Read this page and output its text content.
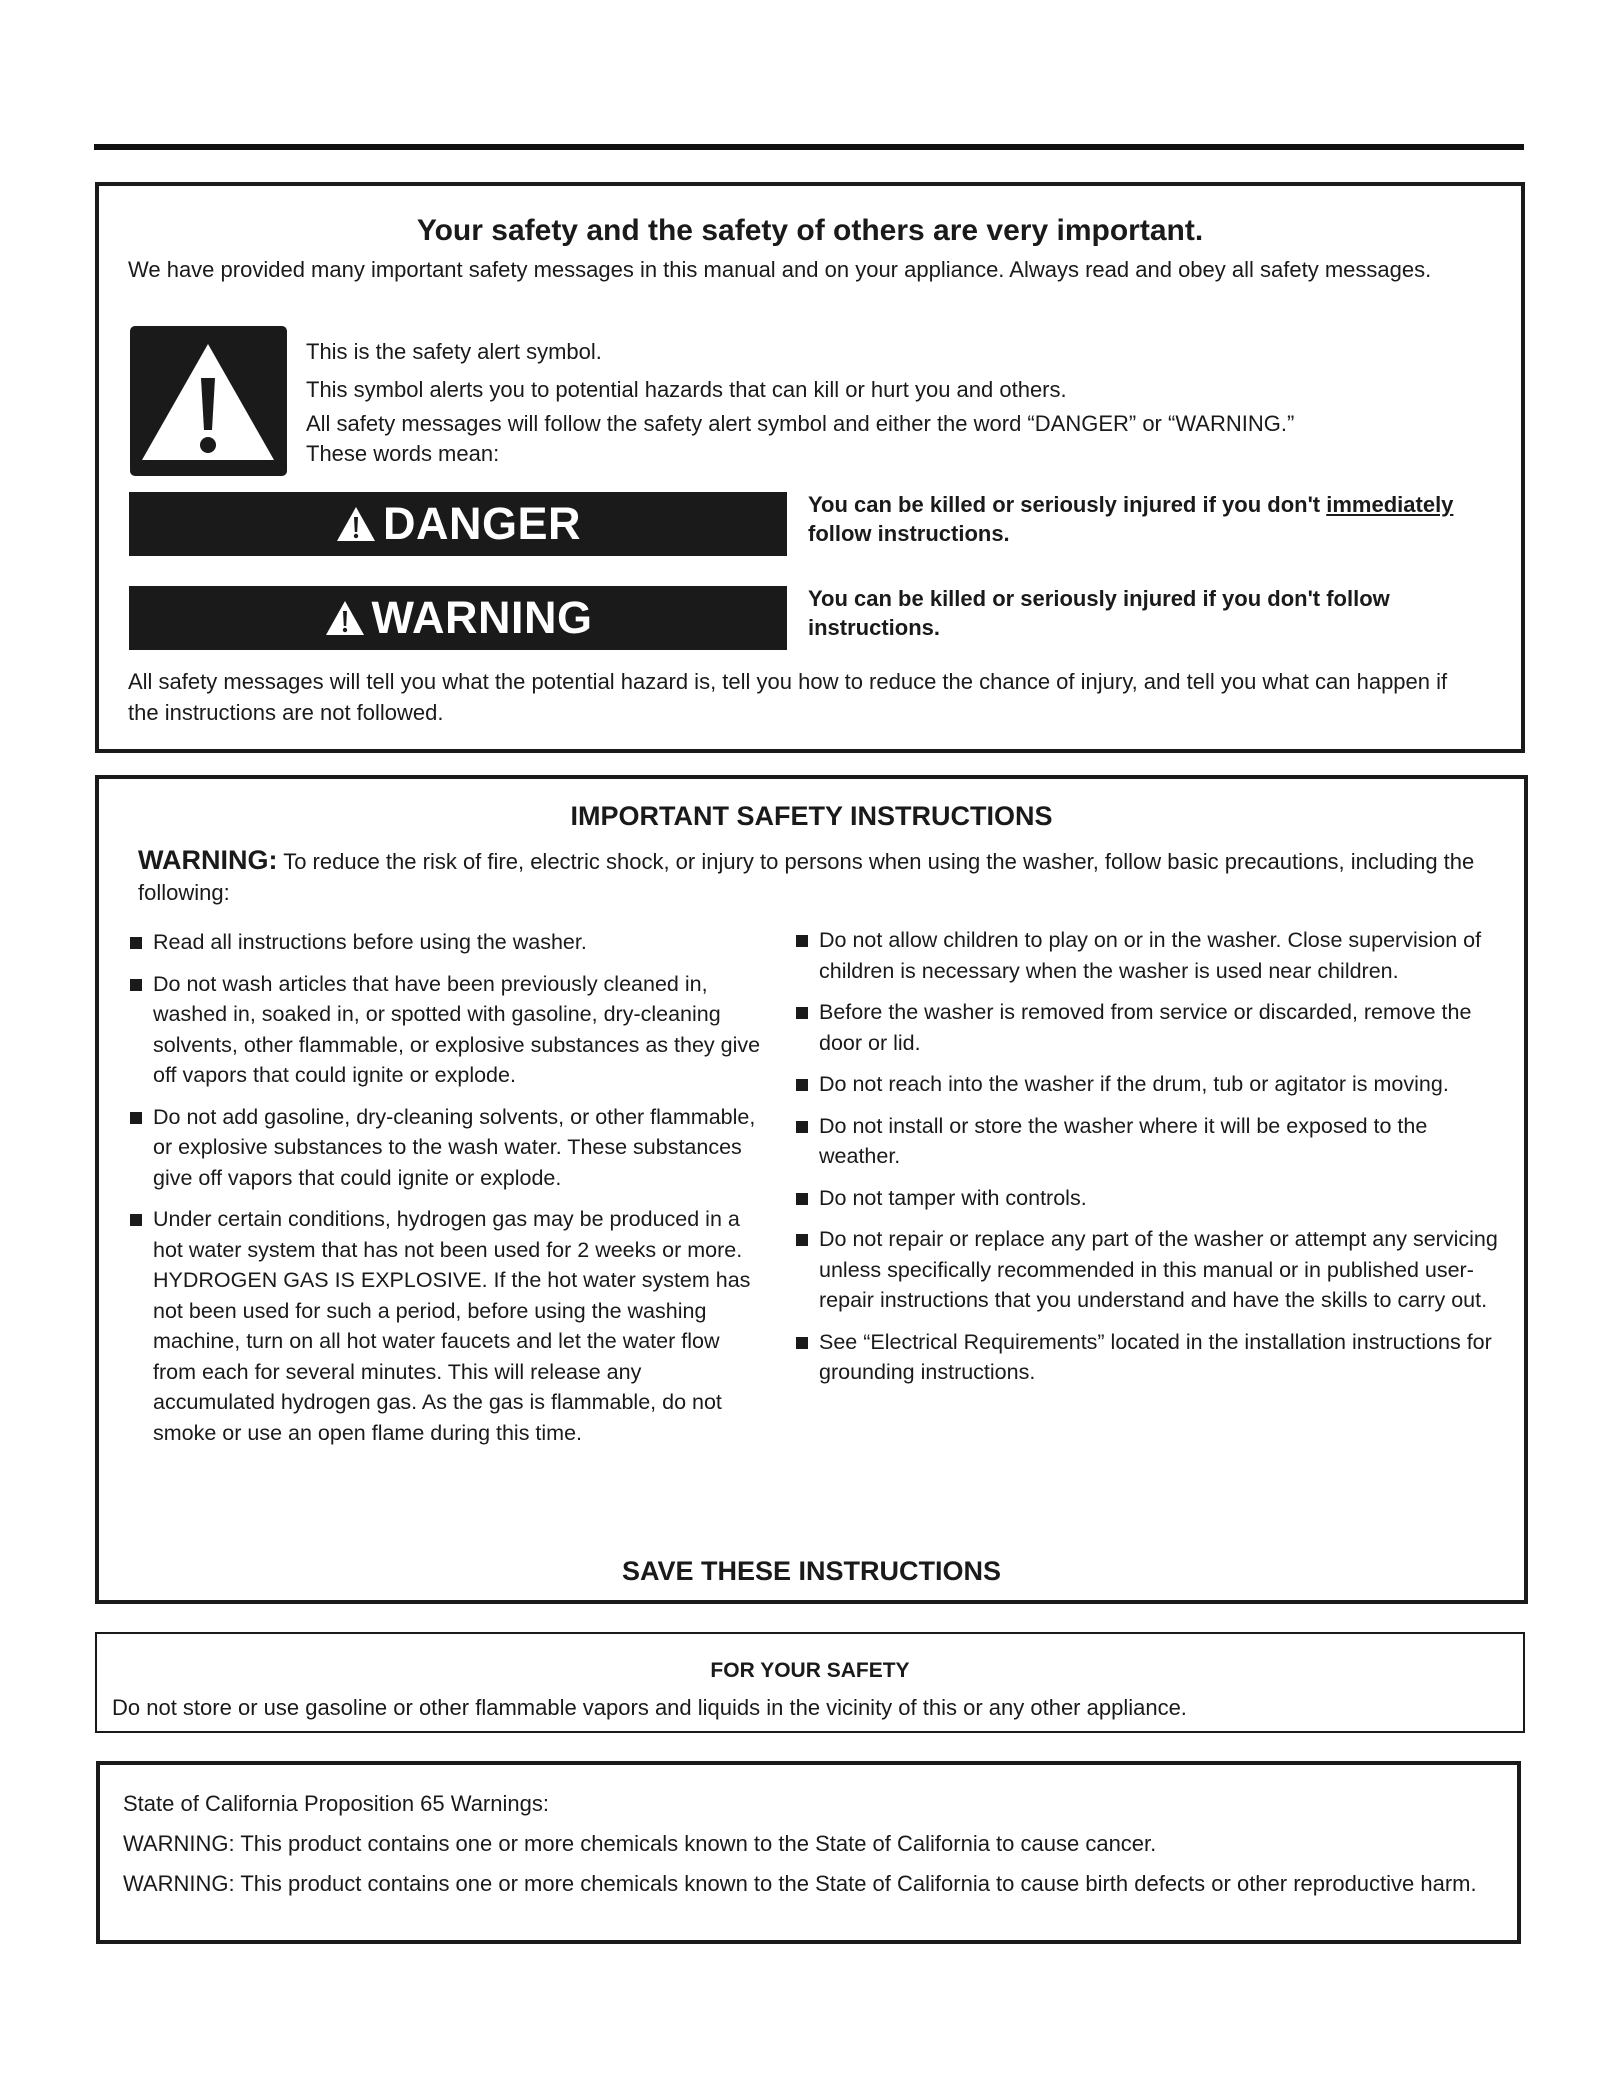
Your safety and the safety of others are very important.
We have provided many important safety messages in this manual and on your appliance. Always read and obey all safety messages.
This is the safety alert symbol.
This symbol alerts you to potential hazards that can kill or hurt you and others.
All safety messages will follow the safety alert symbol and either the word “DANGER” or “WARNING.”
These words mean:
DANGER	You can be killed or seriously injured if you don't immediately follow instructions.
WARNING	You can be killed or seriously injured if you don't follow instructions.
All safety messages will tell you what the potential hazard is, tell you how to reduce the chance of injury, and tell you what can happen if the instructions are not followed.
IMPORTANT SAFETY INSTRUCTIONS
WARNING: To reduce the risk of fire, electric shock, or injury to persons when using the washer, follow basic precautions, including the following:
Read all instructions before using the washer.
Do not wash articles that have been previously cleaned in, washed in, soaked in, or spotted with gasoline, dry-cleaning solvents, other flammable, or explosive substances as they give off vapors that could ignite or explode.
Do not add gasoline, dry-cleaning solvents, or other flammable, or explosive substances to the wash water. These substances give off vapors that could ignite or explode.
Under certain conditions, hydrogen gas may be produced in a hot water system that has not been used for 2 weeks or more. HYDROGEN GAS IS EXPLOSIVE. If the hot water system has not been used for such a period, before using the washing machine, turn on all hot water faucets and let the water flow from each for several minutes. This will release any accumulated hydrogen gas. As the gas is flammable, do not smoke or use an open flame during this time.
Do not allow children to play on or in the washer. Close supervision of children is necessary when the washer is used near children.
Before the washer is removed from service or discarded, remove the door or lid.
Do not reach into the washer if the drum, tub or agitator is moving.
Do not install or store the washer where it will be exposed to the weather.
Do not tamper with controls.
Do not repair or replace any part of the washer or attempt any servicing unless specifically recommended in this manual or in published user-repair instructions that you understand and have the skills to carry out.
See “Electrical Requirements” located in the installation instructions for grounding instructions.
SAVE THESE INSTRUCTIONS
FOR YOUR SAFETY
Do not store or use gasoline or other flammable vapors and liquids in the vicinity of this or any other appliance.

State of California Proposition 65 Warnings:

WARNING: This product contains one or more chemicals known to the State of California to cause cancer.

WARNING: This product contains one or more chemicals known to the State of California to cause birth defects or other reproductive harm.
